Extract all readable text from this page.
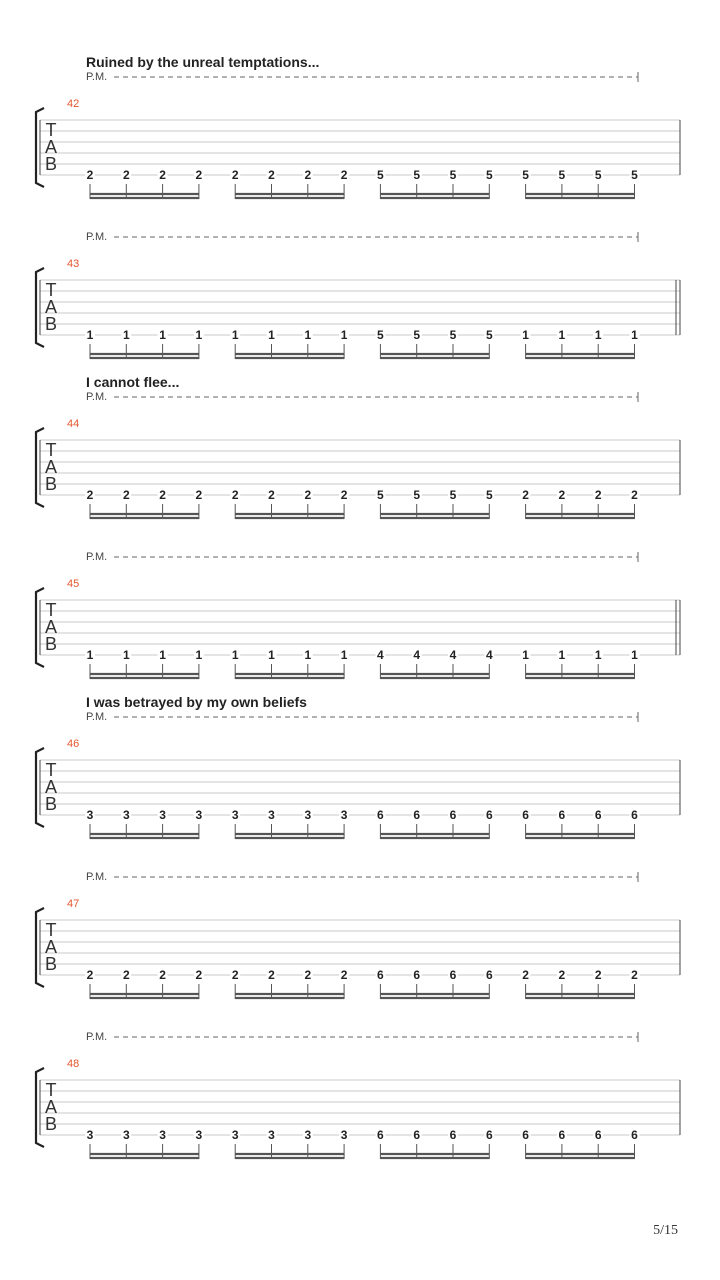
Ruined by the unreal temptations...
P.M.
42
T
A
B
2 2 2 2 2 2 2 2 5 5 5 5 5 5 5 5
P.M.
43
T
A
B
1 1 1 1 1 1 1 1 5 5 5 5 1 1 1 1
I cannot flee...
P.M.
44
T
A
B
2 2 2 2 2 2 2 2 5 5 5 5 2 2 2 2
P.M.
45
T
A
B
1 1 1 1 1 1 1 1 4 4 4 4 1 1 1 1
I was betrayed by my own beliefs
P.M.
46
T
A
B
3 3 3 3 3 3 3 3 6 6 6 6 6 6 6 6
P.M.
47
T
A
B
2 2 2 2 2 2 2 2 6 6 6 6 2 2 2 2
P.M.
48
T
A
B
3 3 3 3 3 3 3 3 6 6 6 6 6 6 6 6
5/15
